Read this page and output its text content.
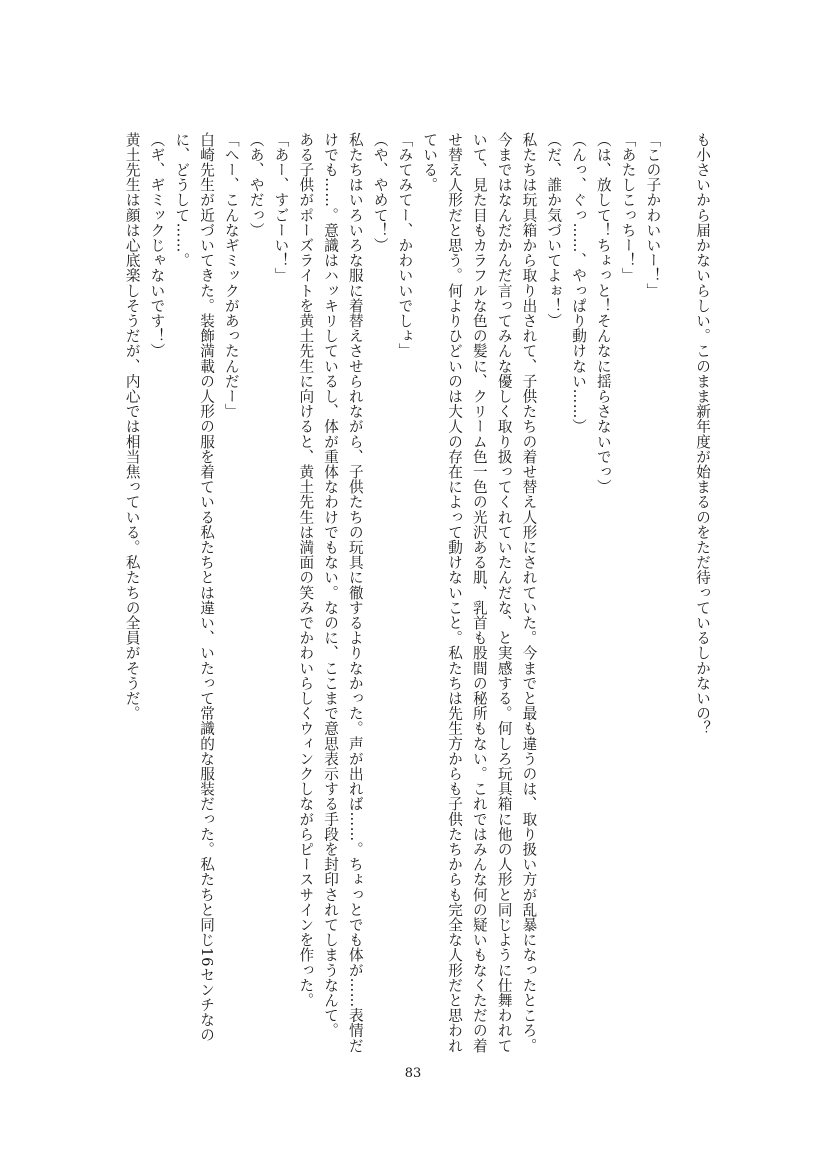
も小さいから届かないらしい。このまま新年度が始まるのをただ待っているしかないの？

「この子かわいいー！」

「あたしこっちー！」

（は、放して！ちょっと！そんなに揺らさないでっ）

（んっ、ぐっ……、やっぱり動けない……）

（だ、誰か気づいてよぉ！）

私たちは玩具箱から取り出されて、子供たちの着せ替え人形にされていた。今までと最も違うのは、取り扱い方が乱暴になったところ。今まではなんだかんだ言ってみんな優しく取り扱ってくれていたんだな、と実感する。何しろ玩具箱に他の人形と同じように仕舞われていて、見た目もカラフルな色の髪に、クリーム色一色の光沢ある肌、乳首も股間の秘所もない。これではみんな何の疑いもなくただの着せ替え人形だと思う。何よりひどいのは大人の存在によって動けないこと。私たちは先生方からも子供たちからも完全な人形だと思われている。

「みてみてー、かわいいでしょ」

（や、やめて！）

私たちはいろいろな服に着替えさせられながら、子供たちの玩具に徹するよりなかった。声が出れば……。ちょっとでも体が……表情だけでも……。意識はハッキリしているし、体が重体なわけでもない。なのに、ここまで意思表示する手段を封印されてしまうなんて。

ある子供がポーズライトを黄土先生に向けると、黄土先生は満面の笑みでかわいらしくウィンクしながらピースサインを作った。

「あー、すごーい！」

（あ、やだっ）

「へー、こんなギミックがあったんだー」

白崎先生が近づいてきた。装飾満載の人形の服を着ている私たちとは違い、いたって常識的な服装だった。私たちと同じ16センチなのに、どうして……。

（ギ、ギミックじゃないです！）

黄土先生は顔は心底楽しそうだが、内心では相当焦っている。私たちの全員がそうだ。

83
